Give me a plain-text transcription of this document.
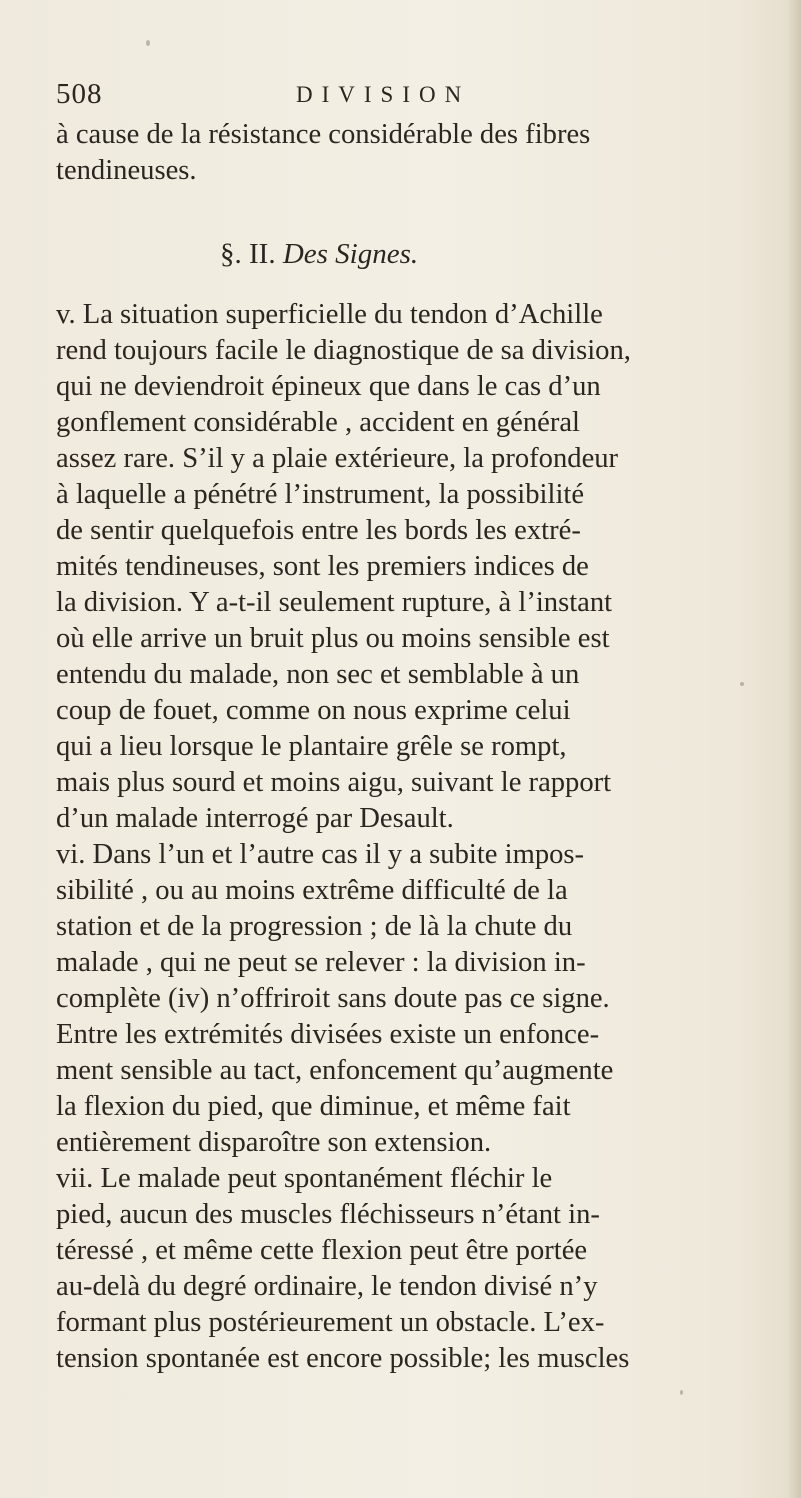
508	DIVISION
à cause de la résistance considérable des fibres
tendineuses.
§. II. Des Signes.
v. La situation superficielle du tendon d’Achille
rend toujours facile le diagnostique de sa division,
qui ne deviendroit épineux que dans le cas d’un
gonflement considérable , accident en général
assez rare. S’il y a plaie extérieure, la profondeur
à laquelle a pénétré l’instrument, la possibilité
de sentir quelquefois entre les bords les extré-
mités tendineuses, sont les premiers indices de
la division. Y a-t-il seulement rupture, à l’instant
où elle arrive un bruit plus ou moins sensible est
entendu du malade, non sec et semblable à un
coup de fouet, comme on nous exprime celui
qui a lieu lorsque le plantaire grêle se rompt,
mais plus sourd et moins aigu, suivant le rapport
d’un malade interrogé par Desault.
vi. Dans l’un et l’autre cas il y a subite impos-
sibilité , ou au moins extrême difficulté de la
station et de la progression ; de là la chute du
malade , qui ne peut se relever : la division in-
complète (iv) n’offriroit sans doute pas ce signe.
Entre les extrémités divisées existe un enfonce-
ment sensible au tact, enfoncement qu’augmente
la flexion du pied, que diminue, et même fait
entièrement disparoître son extension.
vii. Le malade peut spontanément fléchir le
pied, aucun des muscles fléchisseurs n’étant in-
téressé , et même cette flexion peut être portée
au-delà du degré ordinaire, le tendon divisé n’y
formant plus postérieurement un obstacle. L’ex-
tension spontanée est encore possible; les muscles
